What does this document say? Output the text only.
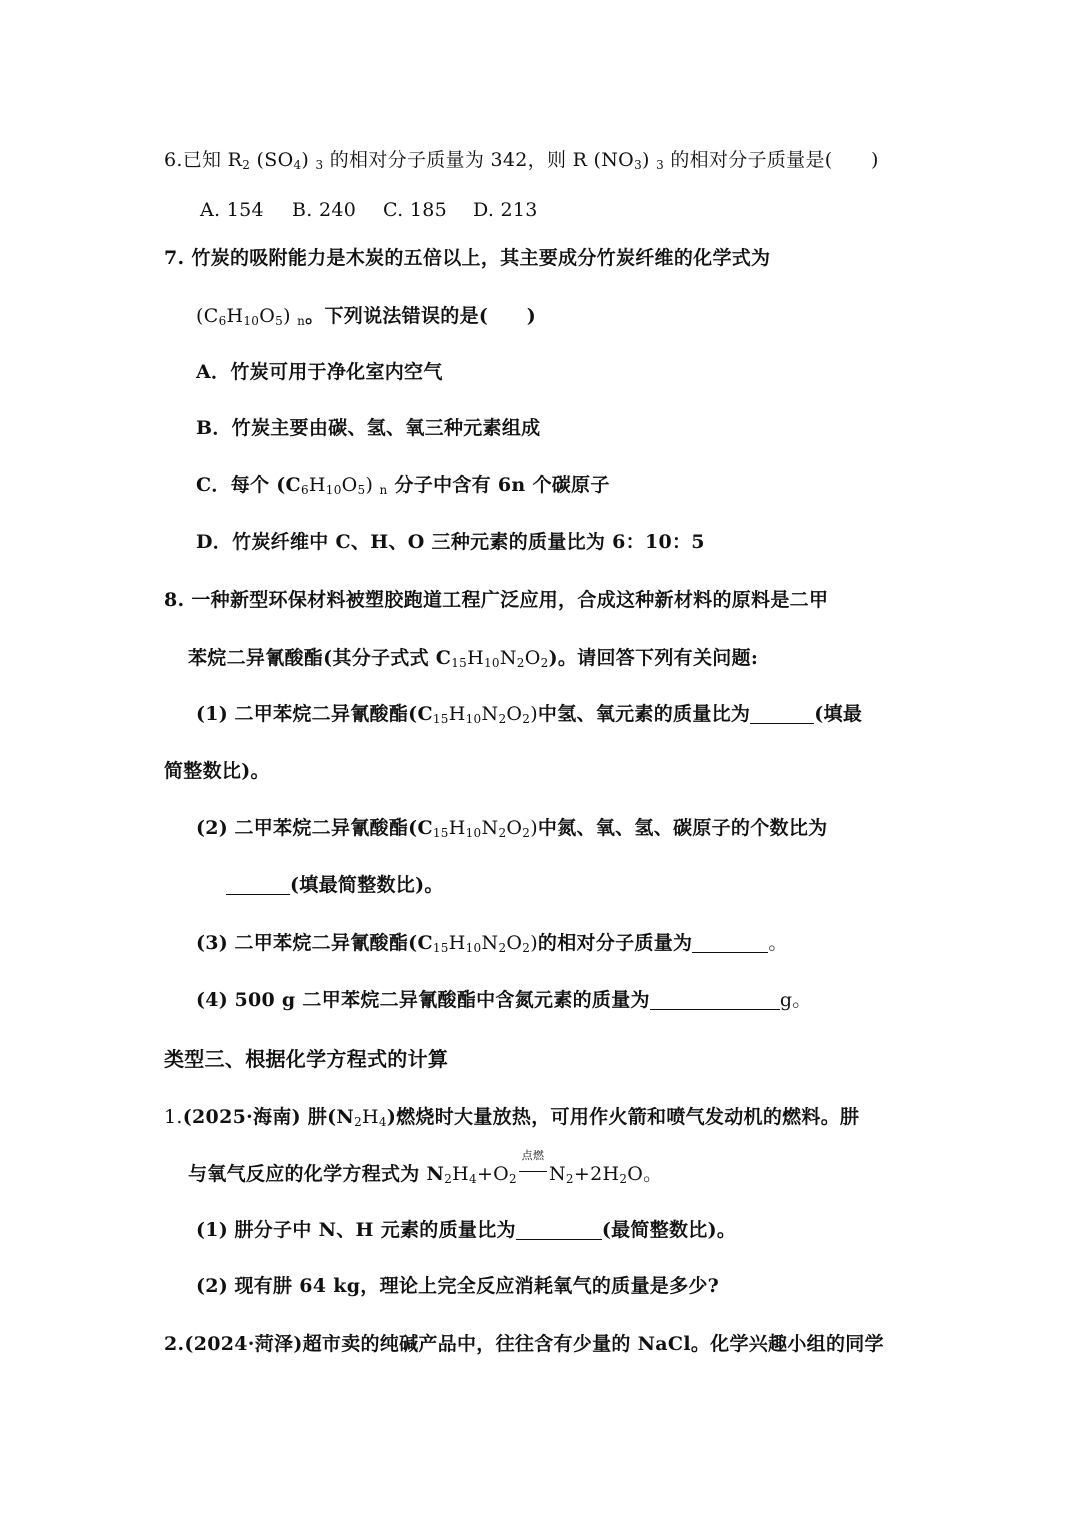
6.已知 $R_2$ $(SO_4)$ $_3$ 的相对分子质量为 342，则 R $(NO_3)$ $_3$ 的相对分子质量是(　　)
A. 154 B. 240 C. 185 D. 213
7. 竹炭的吸附能力是木炭的五倍以上，其主要成分竹炭纤维的化学式为
$(C_6H_{10}O_5)$ $_n$。下列说法错误的是(　　)
A．竹炭可用于净化室内空气
B．竹炭主要由碳、氢、氧三种元素组成
C．每个 $(C_6H_{10}O_5)$ $_n$ 分子中含有 6n 个碳原子
D．竹炭纤维中 C、H、O 三种元素的质量比为 6：10：5
8. 一种新型环保材料被塑胶跑道工程广泛应用，合成这种新材料的原料是二甲
苯烷二异氰酸酯(其分子式式 $C_{15}H_{10}N_2O_2$)。请回答下列有关问题:
(1) 二甲苯烷二异氰酸酯$(C_{15}H_{10}N_2O_2)$中氢、氧元素的质量比为	(填最
简整数比)。
(2) 二甲苯烷二异氰酸酯$(C_{15}H_{10}N_2O_2)$中氮、氧、氢、碳原子的个数比为
(填最简整数比)。
(3) 二甲苯烷二异氰酸酯$(C_{15}H_{10}N_2O_2)$的相对分子质量为	。
(4) 500 g 二甲苯烷二异氰酸酯中含氮元素的质量为	g。
类型三、根据化学方程式的计算
1.(2025·海南) 肼$(N_2H_4)$燃烧时大量放热，可用作火箭和喷气发动机的燃料。肼
与氧气反应的化学方程式为 $N_2H_4+O_2$
点燃
$N_2+2H_2O$。
(1) 肼分子中 N、H 元素的质量比为	(最简整数比)。
(2) 现有肼 64 kg，理论上完全反应消耗氧气的质量是多少?
2.(2024·菏泽)超市卖的纯碱产品中，往往含有少量的 NaCl。化学兴趣小组的同学
